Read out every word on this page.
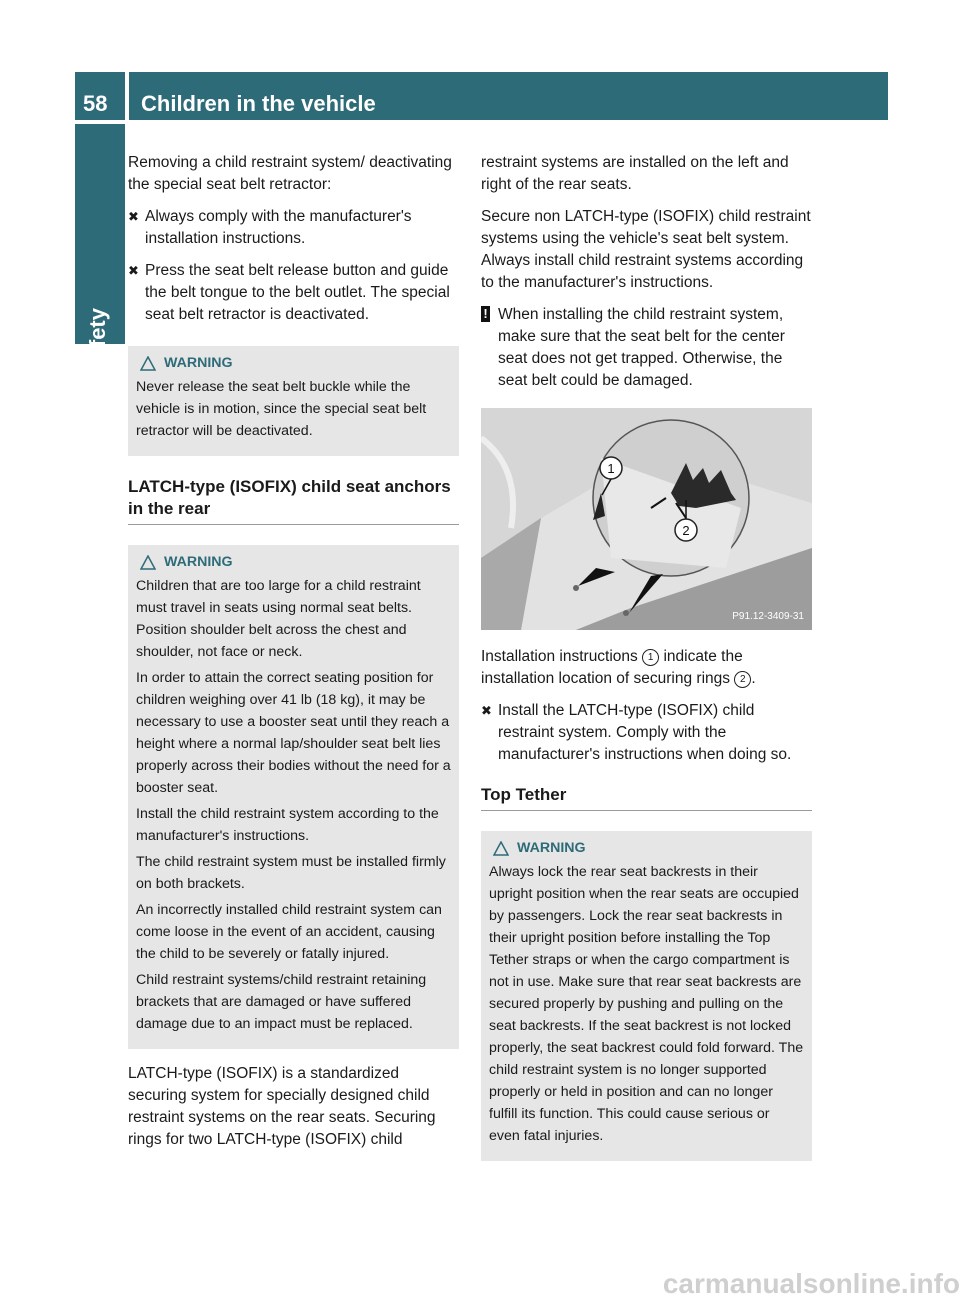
58	Children in the vehicle
Safety

Removing a child restraint system/ deactivating the special seat belt retractor:

✖ Always comply with the manufacturer's installation instructions.
✖ Press the seat belt release button and guide the belt tongue to the belt outlet. The special seat belt retractor is deactivated.
WARNING

Never release the seat belt buckle while the vehicle is in motion, since the special seat belt retractor will be deactivated.

LATCH-type (ISOFIX) child seat anchors in the rear
WARNING

Children that are too large for a child restraint must travel in seats using normal seat belts. Position shoulder belt across the chest and shoulder, not face or neck.

In order to attain the correct seating position for children weighing over 41 lb (18 kg), it may be necessary to use a booster seat until they reach a height where a normal lap/shoulder seat belt lies properly across their bodies without the need for a booster seat.

Install the child restraint system according to the manufacturer's instructions.

The child restraint system must be installed firmly on both brackets.

An incorrectly installed child restraint system can come loose in the event of an accident, causing the child to be severely or fatally injured.

Child restraint systems/child restraint retaining brackets that are damaged or have suffered damage due to an impact must be replaced.

LATCH-type (ISOFIX) is a standardized securing system for specially designed child restraint systems on the rear seats. Securing rings for two LATCH-type (ISOFIX) child

restraint systems are installed on the left and right of the rear seats.

Secure non LATCH-type (ISOFIX) child restraint systems using the vehicle's seat belt system. Always install child restraint systems according to the manufacturer's instructions.

! When installing the child restraint system, make sure that the seat belt for the center seat does not get trapped. Otherwise, the seat belt could be damaged.
1
2
P91.12-3409-31

Installation instructions 1 indicate the installation location of securing rings 2 .

✖ Install the LATCH-type (ISOFIX) child restraint system. Comply with the manufacturer's instructions when doing so.
Top Tether
WARNING

Always lock the rear seat backrests in their upright position when the rear seats are occupied by passengers. Lock the rear seat backrests in their upright position before installing the Top Tether straps or when the cargo compartment is not in use. Make sure that rear seat backrests are secured properly by pushing and pulling on the seat backrests. If the seat backrest is not locked properly, the seat backrest could fold forward. The child restraint system is no longer supported properly or held in position and can no longer fulfill its function. This could cause serious or even fatal injuries.

carmanualsonline.info
